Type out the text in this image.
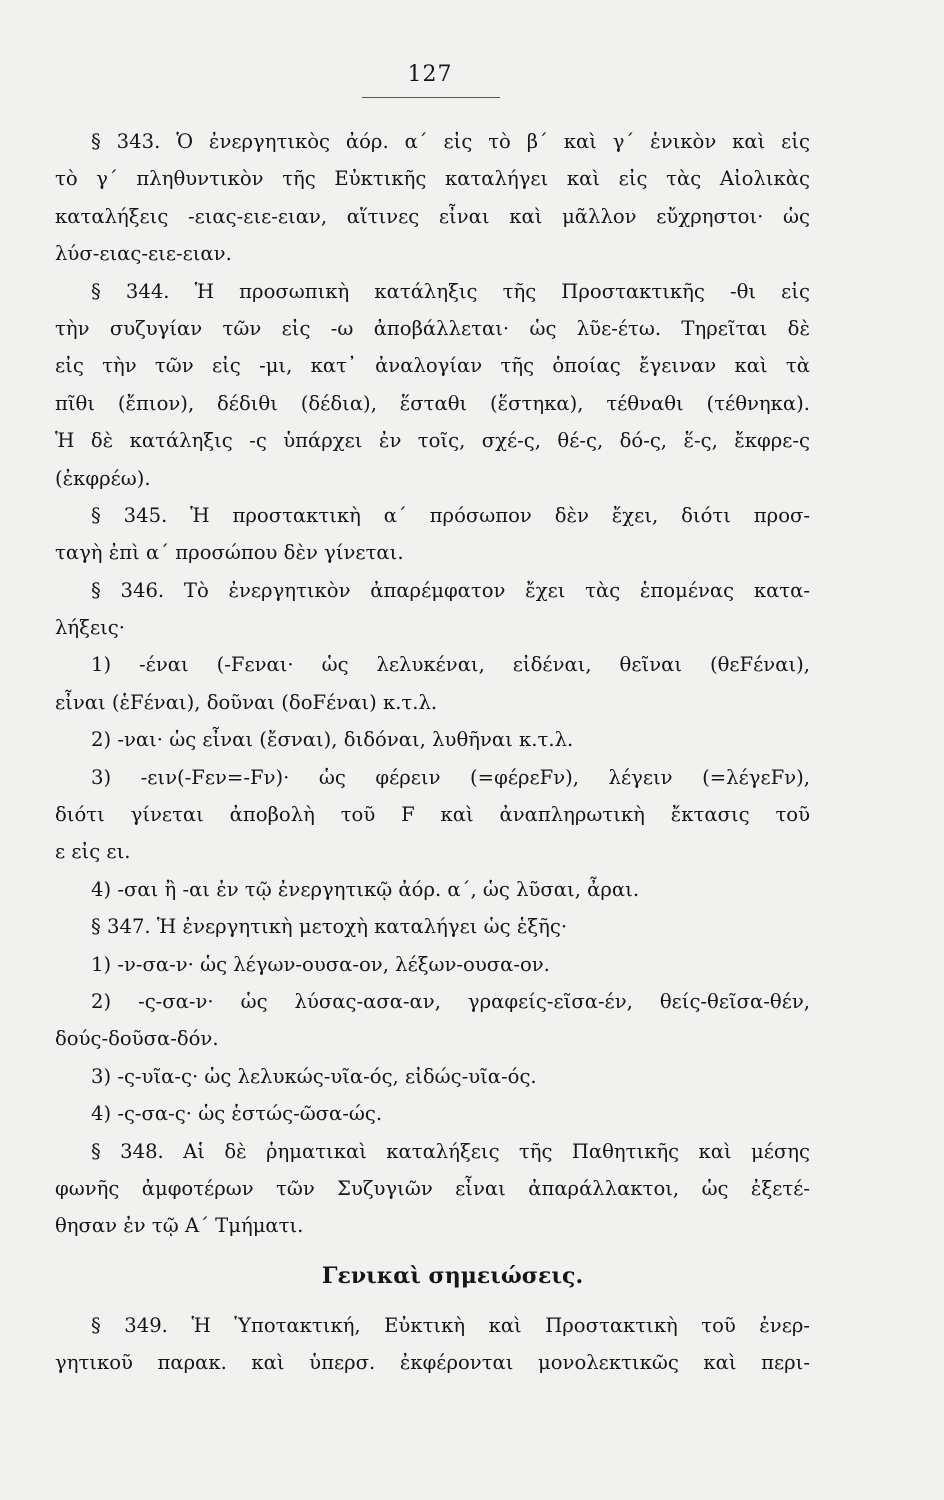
127
§ 343. Ὁ ἐνεργητικὸς ἀόρ. α΄ εἰς τὸ β΄ καὶ γ΄ ἑνικὸν καὶ εἰς
τὸ γ΄ πληθυντικὸν τῆς Εὐκτικῆς καταλήγει καὶ εἰς τὰς Αἰολικὰς
καταλήξεις -ειας-ειε-ειαν, αἵτινες εἶναι καὶ μᾶλλον εὔχρηστοι· ὡς
λύσ-ειας-ειε-ειαν.
§ 344. Ἡ προσωπικὴ κατάληξις τῆς Προστακτικῆς -θι εἰς
τὴν συζυγίαν τῶν εἰς -ω ἀποβάλλεται· ὡς λῦε-έτω. Τηρεῖται δὲ
εἰς τὴν τῶν εἰς -μι, κατ᾽ ἀναλογίαν τῆς ὁποίας ἔγειναν καὶ τὰ
πῖθι (ἔπιον), δέδιθι (δέδια), ἕσταθι (ἕστηκα), τέθναθι (τέθνηκα).
Ἡ δὲ κατάληξις -ς ὑπάρχει ἐν τοῖς, σχέ-ς, θέ-ς, δό-ς, ἕ-ς, ἔκφρε-ς
(ἐκφρέω).
§ 345. Ἡ προστακτικὴ α΄ πρόσωπον δὲν ἔχει, διότι προσ-
ταγὴ ἐπὶ α΄ προσώπου δὲν γίνεται.
§ 346. Τὸ ἐνεργητικὸν ἀπαρέμφατον ἔχει τὰς ἑπομένας κατα-
λήξεις·
1) -έναι (-Fεναι· ὡς λελυκέναι, εἰδέναι, θεῖναι (θεFέναι),
εἶναι (ἑFέναι), δοῦναι (δοFέναι) κ.τ.λ.
2) -ναι· ὡς εἶναι (ἔσναι), διδόναι, λυθῆναι κ.τ.λ.
3) -ειν(-Fεν=-Fν)· ὡς φέρειν (=φέρεFν), λέγειν (=λέγεFν),
διότι γίνεται ἀποβολὴ τοῦ F καὶ ἀναπληρωτικὴ ἔκτασις τοῦ
ε εἰς ει.
4) -σαι ἢ -αι ἐν τῷ ἐνεργητικῷ ἀόρ. α΄, ὡς λῦσαι, ἆραι.
§ 347. Ἡ ἐνεργητικὴ μετοχὴ καταλήγει ὡς ἑξῆς·
1) -ν-σα-ν· ὡς λέγων-ουσα-ον, λέξων-ουσα-ον.
2) -ς-σα-ν· ὡς λύσας-ασα-αν, γραφείς-εῖσα-έν, θείς-θεῖσα-θέν,
δούς-δοῦσα-δόν.
3) -ς-υῖα-ς· ὡς λελυκώς-υῖα-ός, εἰδώς-υῖα-ός.
4) -ς-σα-ς· ὡς ἑστώς-ῶσα-ώς.
§ 348. Αἱ δὲ ῥηματικαὶ καταλήξεις τῆς Παθητικῆς καὶ μέσης
φωνῆς ἀμφοτέρων τῶν Συζυγιῶν εἶναι ἀπαράλλακτοι, ὡς ἐξετέ-
θησαν ἐν τῷ Α΄ Τμήματι.
Γενικαὶ σημειώσεις.
§ 349. Ἡ Ὑποτακτική, Εὐκτικὴ καὶ Προστακτικὴ τοῦ ἐνερ-
γητικοῦ παρακ. καὶ ὑπερσ. ἐκφέρονται μονολεκτικῶς καὶ περι-
